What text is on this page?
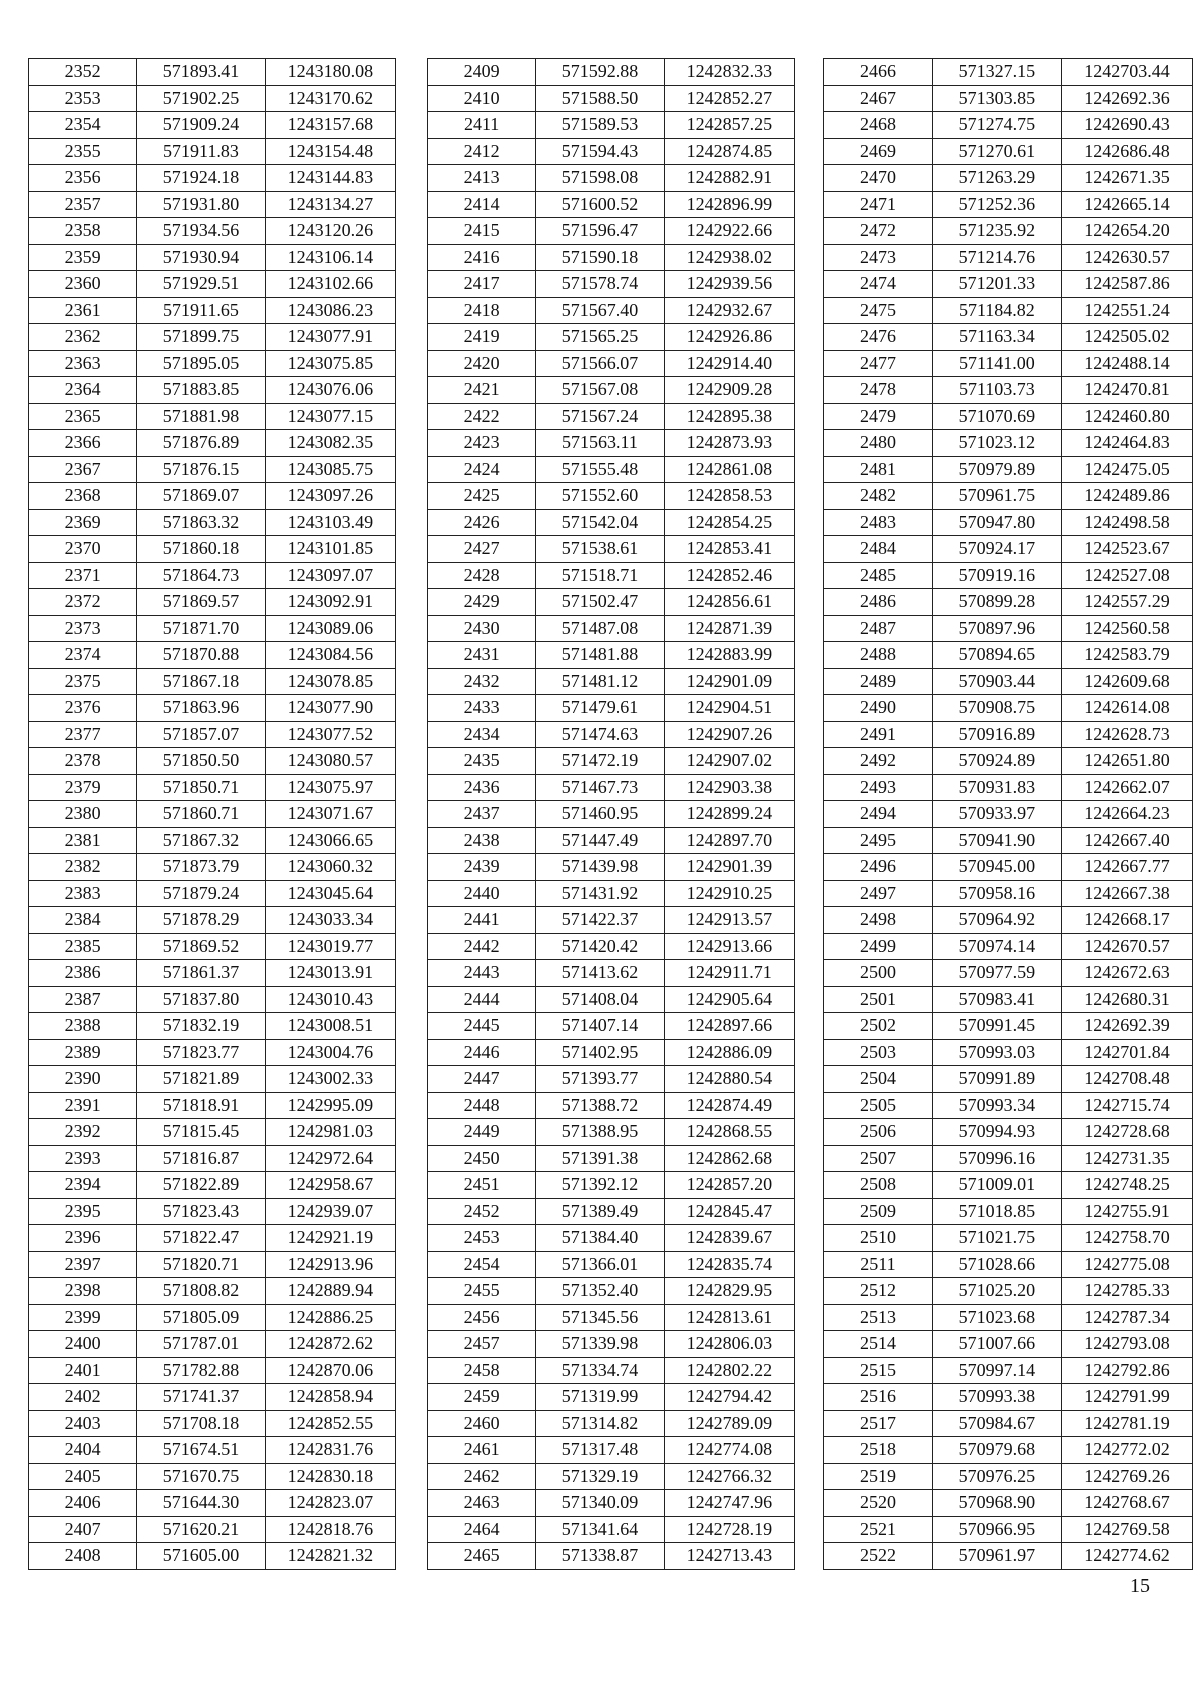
2352	571893.41	1243180.08
2353	571902.25	1243170.62
2354	571909.24	1243157.68
2355	571911.83	1243154.48
2356	571924.18	1243144.83
2357	571931.80	1243134.27
2358	571934.56	1243120.26
2359	571930.94	1243106.14
2360	571929.51	1243102.66
2361	571911.65	1243086.23
2362	571899.75	1243077.91
2363	571895.05	1243075.85
2364	571883.85	1243076.06
2365	571881.98	1243077.15
2366	571876.89	1243082.35
2367	571876.15	1243085.75
2368	571869.07	1243097.26
2369	571863.32	1243103.49
2370	571860.18	1243101.85
2371	571864.73	1243097.07
2372	571869.57	1243092.91
2373	571871.70	1243089.06
2374	571870.88	1243084.56
2375	571867.18	1243078.85
2376	571863.96	1243077.90
2377	571857.07	1243077.52
2378	571850.50	1243080.57
2379	571850.71	1243075.97
2380	571860.71	1243071.67
2381	571867.32	1243066.65
2382	571873.79	1243060.32
2383	571879.24	1243045.64
2384	571878.29	1243033.34
2385	571869.52	1243019.77
2386	571861.37	1243013.91
2387	571837.80	1243010.43
2388	571832.19	1243008.51
2389	571823.77	1243004.76
2390	571821.89	1243002.33
2391	571818.91	1242995.09
2392	571815.45	1242981.03
2393	571816.87	1242972.64
2394	571822.89	1242958.67
2395	571823.43	1242939.07
2396	571822.47	1242921.19
2397	571820.71	1242913.96
2398	571808.82	1242889.94
2399	571805.09	1242886.25
2400	571787.01	1242872.62
2401	571782.88	1242870.06
2402	571741.37	1242858.94
2403	571708.18	1242852.55
2404	571674.51	1242831.76
2405	571670.75	1242830.18
2406	571644.30	1242823.07
2407	571620.21	1242818.76
2408	571605.00	1242821.32
2409	571592.88	1242832.33
2410	571588.50	1242852.27
2411	571589.53	1242857.25
2412	571594.43	1242874.85
2413	571598.08	1242882.91
2414	571600.52	1242896.99
2415	571596.47	1242922.66
2416	571590.18	1242938.02
2417	571578.74	1242939.56
2418	571567.40	1242932.67
2419	571565.25	1242926.86
2420	571566.07	1242914.40
2421	571567.08	1242909.28
2422	571567.24	1242895.38
2423	571563.11	1242873.93
2424	571555.48	1242861.08
2425	571552.60	1242858.53
2426	571542.04	1242854.25
2427	571538.61	1242853.41
2428	571518.71	1242852.46
2429	571502.47	1242856.61
2430	571487.08	1242871.39
2431	571481.88	1242883.99
2432	571481.12	1242901.09
2433	571479.61	1242904.51
2434	571474.63	1242907.26
2435	571472.19	1242907.02
2436	571467.73	1242903.38
2437	571460.95	1242899.24
2438	571447.49	1242897.70
2439	571439.98	1242901.39
2440	571431.92	1242910.25
2441	571422.37	1242913.57
2442	571420.42	1242913.66
2443	571413.62	1242911.71
2444	571408.04	1242905.64
2445	571407.14	1242897.66
2446	571402.95	1242886.09
2447	571393.77	1242880.54
2448	571388.72	1242874.49
2449	571388.95	1242868.55
2450	571391.38	1242862.68
2451	571392.12	1242857.20
2452	571389.49	1242845.47
2453	571384.40	1242839.67
2454	571366.01	1242835.74
2455	571352.40	1242829.95
2456	571345.56	1242813.61
2457	571339.98	1242806.03
2458	571334.74	1242802.22
2459	571319.99	1242794.42
2460	571314.82	1242789.09
2461	571317.48	1242774.08
2462	571329.19	1242766.32
2463	571340.09	1242747.96
2464	571341.64	1242728.19
2465	571338.87	1242713.43
2466	571327.15	1242703.44
2467	571303.85	1242692.36
2468	571274.75	1242690.43
2469	571270.61	1242686.48
2470	571263.29	1242671.35
2471	571252.36	1242665.14
2472	571235.92	1242654.20
2473	571214.76	1242630.57
2474	571201.33	1242587.86
2475	571184.82	1242551.24
2476	571163.34	1242505.02
2477	571141.00	1242488.14
2478	571103.73	1242470.81
2479	571070.69	1242460.80
2480	571023.12	1242464.83
2481	570979.89	1242475.05
2482	570961.75	1242489.86
2483	570947.80	1242498.58
2484	570924.17	1242523.67
2485	570919.16	1242527.08
2486	570899.28	1242557.29
2487	570897.96	1242560.58
2488	570894.65	1242583.79
2489	570903.44	1242609.68
2490	570908.75	1242614.08
2491	570916.89	1242628.73
2492	570924.89	1242651.80
2493	570931.83	1242662.07
2494	570933.97	1242664.23
2495	570941.90	1242667.40
2496	570945.00	1242667.77
2497	570958.16	1242667.38
2498	570964.92	1242668.17
2499	570974.14	1242670.57
2500	570977.59	1242672.63
2501	570983.41	1242680.31
2502	570991.45	1242692.39
2503	570993.03	1242701.84
2504	570991.89	1242708.48
2505	570993.34	1242715.74
2506	570994.93	1242728.68
2507	570996.16	1242731.35
2508	571009.01	1242748.25
2509	571018.85	1242755.91
2510	571021.75	1242758.70
2511	571028.66	1242775.08
2512	571025.20	1242785.33
2513	571023.68	1242787.34
2514	571007.66	1242793.08
2515	570997.14	1242792.86
2516	570993.38	1242791.99
2517	570984.67	1242781.19
2518	570979.68	1242772.02
2519	570976.25	1242769.26
2520	570968.90	1242768.67
2521	570966.95	1242769.58
2522	570961.97	1242774.62
15
